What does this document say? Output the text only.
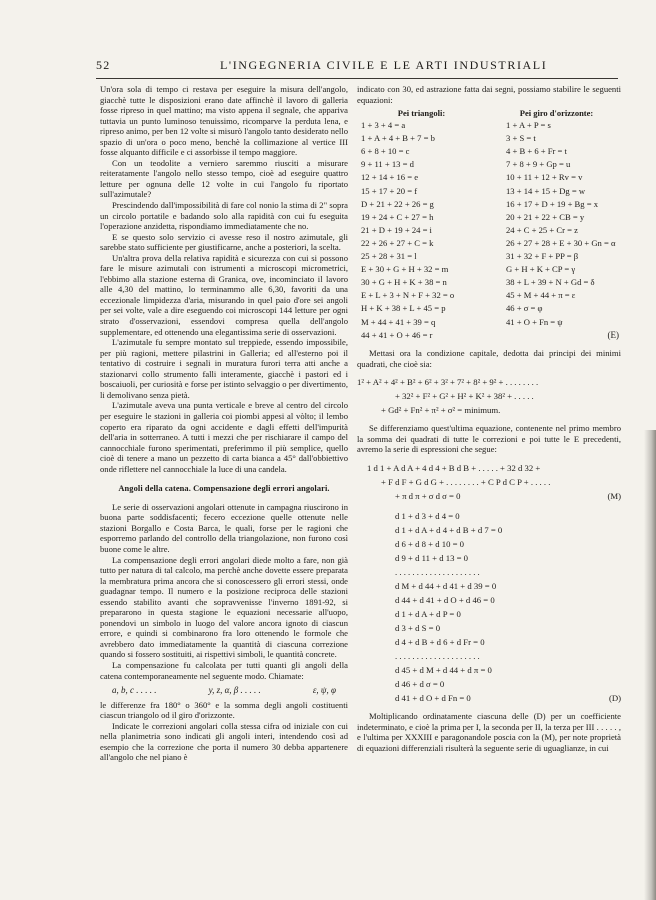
52	L'INGEGNERIA CIVILE E LE ARTI INDUSTRIALI

Un'ora sola di tempo ci restava per eseguire la misura dell'angolo, giacchè tutte le disposizioni erano date affinchè il lavoro di galleria fosse ripreso in quel mattino; ma visto appena il segnale, che appariva tuttavia un punto luminoso tenuissimo, ricomparve la perduta lena, e ripreso animo, per ben 12 volte si misurò l'angolo tanto desiderato nello spazio di un'ora o poco meno, benchè la collimazione al vertice III fosse alquanto difficile e ci assorbisse il tempo maggiore.

Con un teodolite a verniero saremmo riusciti a misurare reiteratamente l'angolo nello stesso tempo, cioè ad eseguire quattro letture per ognuna delle 12 volte in cui l'angolo fu riportato sull'azimutale?

Prescindendo dall'impossibilità di fare col nonio la stima di 2" sopra un circolo portatile e badando solo alla rapidità con cui fu eseguita l'operazione anzidetta, rispondiamo immediatamente che no.

E se questo solo servizio ci avesse reso il nostro azimutale, gli sarebbe stato sufficiente per giustificarne, anche a posteriori, la scelta.

Un'altra prova della relativa rapidità e sicurezza con cui si possono fare le misure azimutali con istrumenti a microscopi micrometrici, l'ebbimo alla stazione esterna di Granica, ove, incominciato il lavoro alle 4,30 del mattino, lo terminammo alle 6,30, favoriti da una eccezionale limpidezza d'aria, misurando in quel paio d'ore sei angoli per sei volte, vale a dire eseguendo coi microscopi 144 letture per ogni strato d'osservazioni, essendovi compresa quella dell'angolo supplementare, ed ottenendo una elegantissima serie di osservazioni.

L'azimutale fu sempre montato sul treppiede, essendo impossibile, per più ragioni, mettere pilastrini in Galleria; ed all'esterno poi il tentativo di costruire i segnali in muratura furori terra atti anche a stazionarvi collo strumento falli interamente, giacchè i pastori ed i boscaiuoli, per curiosità e forse per istinto selvaggio o per divertimento, li demolivano senza pietà.

L'azimutale aveva una punta verticale e breve al centro del circolo per eseguire le stazioni in galleria coi piombi appesi al vòlto; il lembo coperto era riparato da ogni accidente e dagli effetti dell'impurità dell'aria in sotterraneo. A tutti i mezzi che per rischiarare il campo del cannocchiale furono sperimentati, preferimmo il più semplice, quello cioè di tenere a mano un pezzetto di carta bianca a 45° dall'obbiettivo onde riflettere nel cannocchiale la luce di una candela.

Angoli della catena. Compensazione degli errori angolari.

Le serie di osservazioni angolari ottenute in campagna riuscirono in buona parte soddisfacenti; fecero eccezione quelle ottenute nelle stazioni Borgallo e Costa Barca, le quali, forse per le ragioni che esporremo parlando del controllo della triangolazione, non furono così buone come le altre.

La compensazione degli errori angolari diede molto a fare, non già tutto per natura di tal calcolo, ma perchè anche dovette essere preparata la membratura prima ancora che si conoscessero gli errori stessi, onde guadagnar tempo. Il numero e la posizione reciproca delle stazioni essendo stabilito avanti che sopravvenisse l'inverno 1891-92, si prepararono in questa stagione le equazioni necessarie all'uopo, ponendovi un simbolo in luogo del valore ancora ignoto di ciascun errore, e quindi si combinarono fra loro ottenendo le formole che avrebbero dato immediatamente la quantità di ciascuna correzione quando si fossero sostituiti, ai rispettivi simboli, le quantità concrete.

La compensazione fu calcolata per tutti quanti gli angoli della catena contemporaneamente nel seguente modo. Chiamate:

a, b, c . . . . .	y, z, α, β . . . . .	ε, ψ, φ

le differenze fra 180° o 360° e la somma degli angoli costituenti ciascun triangolo od il giro d'orizzonte.

Indicate le correzioni angolari colla stessa cifra od iniziale con cui nella planimetria sono indicati gli angoli interi, intendendo così ad esempio che la correzione che porta il numero 30 debba appartenere all'angolo che nel piano è

indicato con 30, ed astrazione fatta dai segni, possiamo stabilire le seguenti equazioni:

Pei triangoli:	Pei giro d'orizzonte:
1 + 3 + 4 = a	1 + A + P = s
1 + A + 4 + B + 7 = b	3 + S = t
6 + 8 + 10 = c	4 + B + 6 + Fr = t
9 + 11 + 13 = d	7 + 8 + 9 + Gp = u
12 + 14 + 16 = e	10 + 11 + 12 + Rv = v
15 + 17 + 20 = f	13 + 14 + 15 + Dg = w
D + 21 + 22 + 26 = g	16 + 17 + D + 19 + Bg = x
19 + 24 + C + 27 = h	20 + 21 + 22 + CB = y
21 + D + 19 + 24 = i	24 + C + 25 + Cr = z
22 + 26 + 27 + C = k	26 + 27 + 28 + E + 30 + Gn = α
25 + 28 + 31 = l	31 + 32 + F + PP = β
E + 30 + G + H + 32 = m	G + H + K + CP = γ
30 + G + H + K + 38 = n	38 + L + 39 + N + Gd = δ
E + L + 3 + N + F + 32 = o	45 + M + 44 + π = ε
H + K + 38 + L + 45 = p	46 + σ = φ
M + 44 + 41 + 39 = q	41 + O + Fn = ψ
44 + 41 + O + 46 = r	(E)

Mettasi ora la condizione capitale, dedotta dai principi dei minimi quadrati, che cioè sia:

1² + A² + 4² + B² + 6² + 3² + 7² + 8² + 9² + . . . . . . . .
+ 32² + F² + G² + H² + K² + 38² + . . . . .
+ Gd² + Fn² + π² + σ² = minimum.

Se differenziamo quest'ultima equazione, contenente nel primo membro la somma dei quadrati di tutte le correzioni e poi tutte le E precedenti, avremo la serie di espressioni che segue:

1 d 1 + A d A + 4 d 4 + B d B + . . . . . + 32 d 32 +
+ F d F + G d G + . . . . . . . . + C P d C P + . . . . .
+ π d π + σ d σ = 0	(M)
d 1 + d 3 + d 4 = 0
d 1 + d A + d 4 + d B + d 7 = 0
d 6 + d 8 + d 10 = 0
d 9 + d 11 + d 13 = 0
. . . . . . . . . . . . . . . . . . . .
d M + d 44 + d 41 + d 39 = 0
d 44 + d 41 + d O + d 46 = 0
d 1 + d A + d P = 0
d 3 + d S = 0
d 4 + d B + d 6 + d Fr = 0
. . . . . . . . . . . . . . . . . . . .
d 45 + d M + d 44 + d π = 0
d 46 + d σ = 0
d 41 + d O + d Fn = 0	(D)

Moltiplicando ordinatamente ciascuna delle (D) per un coefficiente indeterminato, e cioè la prima per I, la seconda per II, la terza per III . . . . . , e l'ultima per XXXIII e paragonandole poscia con la (M), per note proprietà di equazioni differenziali risulterà la seguente serie di uguaglianze, in cui
